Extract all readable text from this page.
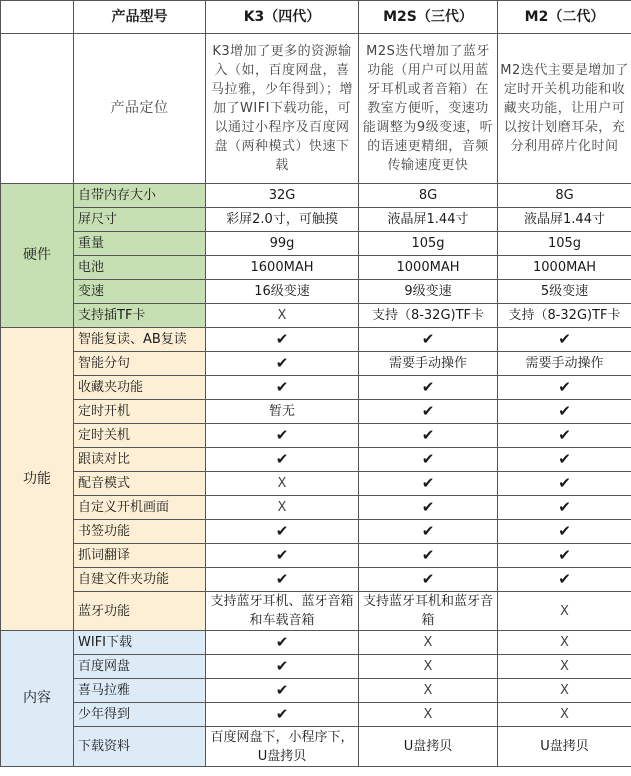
	产品型号	K3（四代）	M2S（三代）	M2（二代）
	产品定位	K3增加了更多的资源输入（如，百度网盘，喜马拉雅，少年得到）；增加了WIFI下载功能，可以通过小程序及百度网盘（两种模式）快速下载	M2S迭代增加了蓝牙功能（用户可以用蓝牙耳机或者音箱）在教室方便听，变速功能调整为9级变速，听的语速更精细，音频传输速度更快	M2迭代主要是增加了定时开关机功能和收藏夹功能，让用户可以按计划磨耳朵，充分利用碎片化时间
硬件	自带内存大小	32G	8G	8G
	屏尺寸	彩屏2.0寸，可触摸	液晶屏1.44寸	液晶屏1.44寸
	重量	99g	105g	105g
	电池	1600MAH	1000MAH	1000MAH
	变速	16级变速	9级变速	5级变速
	支持插TF卡	X	支持（8-32G)TF卡	支持（8-32G)TF卡
功能	智能复读、AB复读	✔	✔	✔
	智能分句	✔	需要手动操作	需要手动操作
	收藏夹功能	✔	✔	✔
	定时开机	暂无	✔	✔
	定时关机	✔	✔	✔
	跟读对比	✔	✔	✔
	配音模式	X	✔	✔
	自定义开机画面	X	✔	✔
	书签功能	✔	✔	✔
	抓词翻译	✔	✔	✔
	自建文件夹功能	✔	✔	✔
	蓝牙功能	支持蓝牙耳机、蓝牙音箱和车载音箱	支持蓝牙耳机和蓝牙音箱	X
内容	WIFI下载	✔	X	X
	百度网盘	✔	X	X
	喜马拉雅	✔	X	X
	少年得到	✔	X	X
	下载资料	百度网盘下，小程序下，U盘拷贝	U盘拷贝	U盘拷贝
